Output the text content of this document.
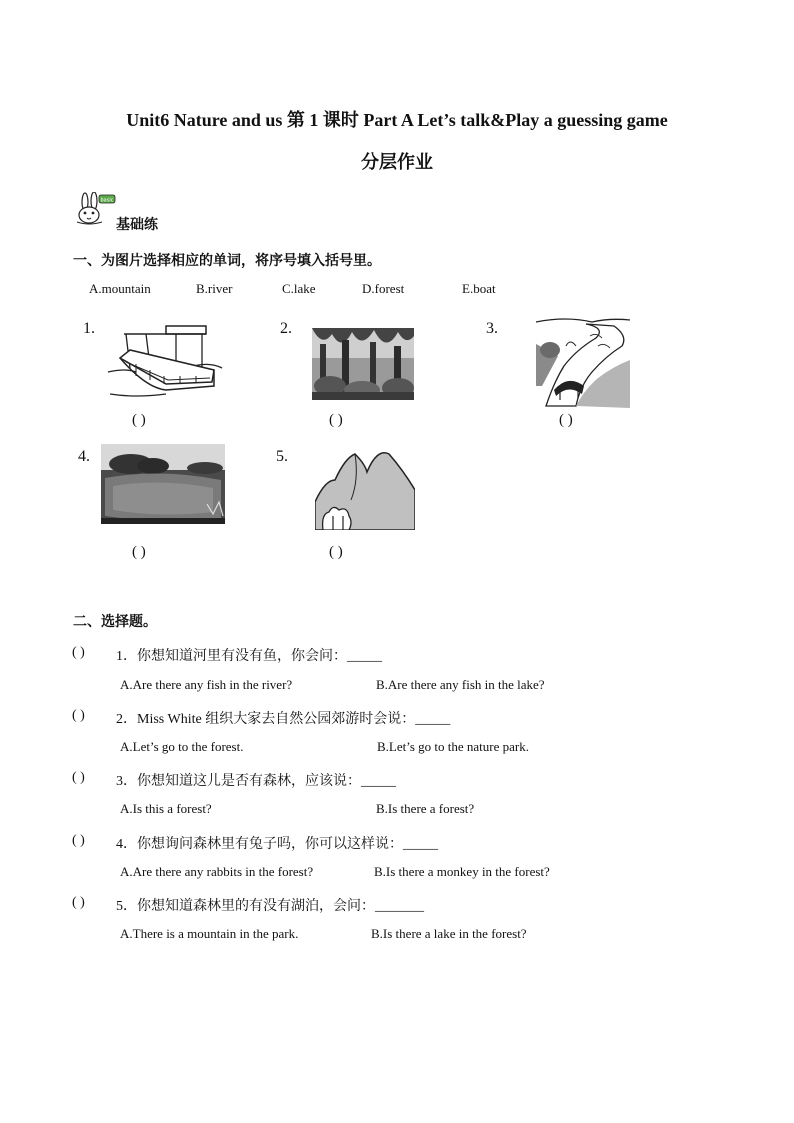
Unit6 Nature and us 第 1 课时 Part A Let’s talk&Play a guessing game
分层作业
basic
基础练
一、为图片选择相应的单词，将序号填入括号里。
A.mountain	B.river	C.lake	D.forest	E.boat
1.
( )
2.
( )
3.
( )
4.
( )
5.
( )
二、选择题。
( ) 1．你想知道河里有没有鱼，你会问：_____
A.Are there any fish in the river?	B.Are there any fish in the lake?
( ) 2．Miss White 组织大家去自然公园郊游时会说：_____
A.Let’s go to the forest.	B.Let’s go to the nature park.
( ) 3．你想知道这儿是否有森林，应该说：_____
A.Is this a forest?	B.Is there a forest?
( ) 4．你想询问森林里有兔子吗，你可以这样说：_____
A.Are there any rabbits in the forest?	B.Is there a monkey in the forest?
( ) 5．你想知道森林里的有没有湖泊，会问：_______
A.There is a mountain in the park.	B.Is there a lake in the forest?
